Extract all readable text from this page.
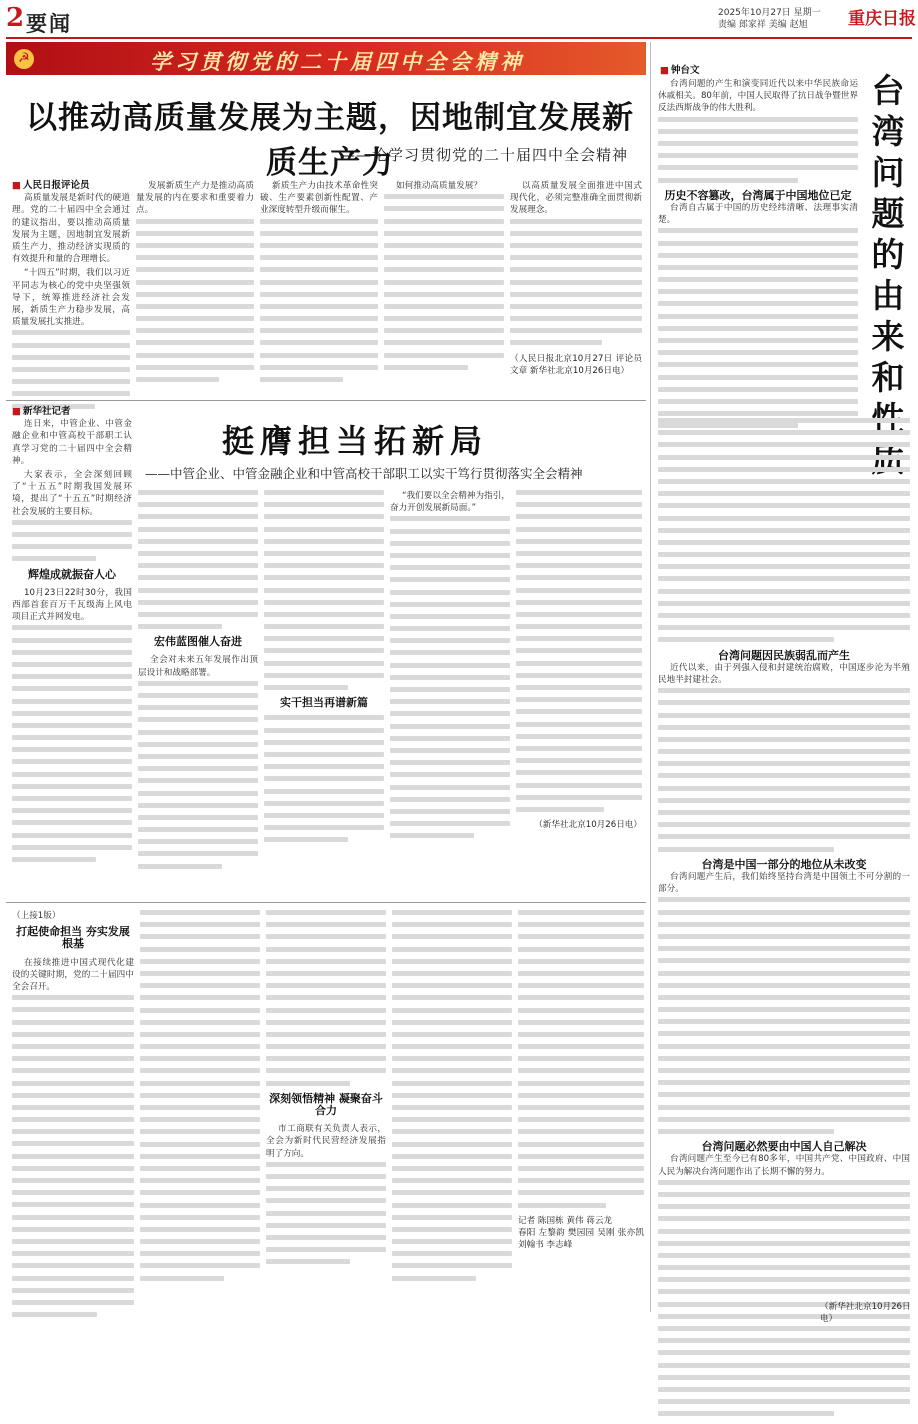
2 要闻	2025年10月27日 星期一
责编 郎家祥 美编 赵旭	重庆日报
☭	学习贯彻党的二十届四中全会精神
以推动高质量发展为主题，因地制宜发展新质生产力
——论学习贯彻党的二十届四中全会精神
■ 人民日报评论员

高质量发展是新时代的硬道理。党的二十届四中全会通过的建议指出，要以推动高质量发展为主题，因地制宜发展新质生产力，推动经济实现质的有效提升和量的合理增长。

“十四五”时期，我们以习近平同志为核心的党中央坚强领导下，统筹推进经济社会发展，新质生产力稳步发展，高质量发展扎实推进。

发展新质生产力是推动高质量发展的内在要求和重要着力点。

新质生产力由技术革命性突破、生产要素创新性配置、产业深度转型升级而催生。

如何推动高质量发展？	以高质量发展全面推进中国式现代化，必须完整准确全面贯彻新发展理念。

（人民日报北京10月27日 评论员文章 新华社北京10月26日电）
■ 新华社记者

连日来，中管企业、中管金融企业和中管高校干部职工认真学习党的二十届四中全会精神。

大家表示，全会深刻回顾了“十五五”时期我国发展环境，提出了“十五五”时期经济社会发展的主要目标。

辉煌成就振奋人心

10月23日22时30分，我国西部首套百万千瓦级海上风电项目正式并网发电。

挺膺担当拓新局
——中管企业、中管金融企业和中管高校干部职工以实干笃行贯彻落实全会精神
宏伟蓝图催人奋进

全会对未来五年发展作出顶层设计和战略部署。

实干担当再谱新篇

“我们要以全会精神为指引，奋力开创发展新局面。”

（新华社北京10月26日电）
（上接1版）
打起使命担当 夯实发展根基

在接续推进中国式现代化建设的关键时期，党的二十届四中全会召开。

深刻领悟精神 凝聚奋斗合力

市工商联有关负责人表示，全会为新时代民营经济发展指明了方向。

记者 陈国栋 黄伟 蒋云龙
春阳 左黎韵 樊园园 吴刚 张亦凯 刘翰书 李志峰
■ 钟台文
台湾问题的由来和性

台湾问题的产生和演变同近代以来中华民族命运休戚相关。80年前，中国人民取得了抗日战争暨世界反法西斯战争的伟大胜利。

历史不容篡改，台湾属于中国地位已定

台湾自古属于中国的历史经纬清晰、法理事实清楚。

台湾问题因民族弱乱而产生

近代以来，由于列强入侵和封建统治腐败，中国逐步沦为半殖民地半封建社会。

台湾是中国一部分的地位从未改变

台湾问题产生后，我们始终坚持台湾是中国领土不可分割的一部分。

台湾问题必然要由中国人自己解决

台湾问题产生至今已有80多年，中国共产党、中国政府、中国人民为解决台湾问题作出了长期不懈的努力。

（新华社北京10月26日电）
